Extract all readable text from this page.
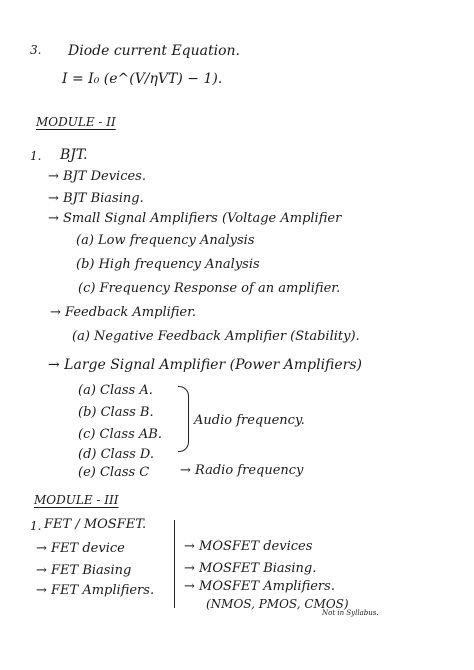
3. Diode current Equation.
I = I₀ (e^(V/ηVT) − 1).
MODULE - II
1. BJT.
→ BJT Devices.
→ BJT Biasing.
→ Small Signal Amplifiers (Voltage Amplifier
(a) Low frequency Analysis
(b) High frequency Analysis
(c) Frequency Response of an amplifier.
→ Feedback Amplifier.
(a) Negative Feedback Amplifier (Stability).
→ Large Signal Amplifier (Power Amplifiers)
(a) Class A.
(b) Class B.
(c) Class AB.
(d) Class D.
(e) Class C
Audio frequency.
→ Radio frequency
MODULE - III
1. FET / MOSFET.
→ FET device
→ FET Biasing
→ FET Amplifiers.
→ MOSFET devices
→ MOSFET Biasing.
→ MOSFET Amplifiers.
(NMOS, PMOS, CMOS)
Not in Syllabus.
